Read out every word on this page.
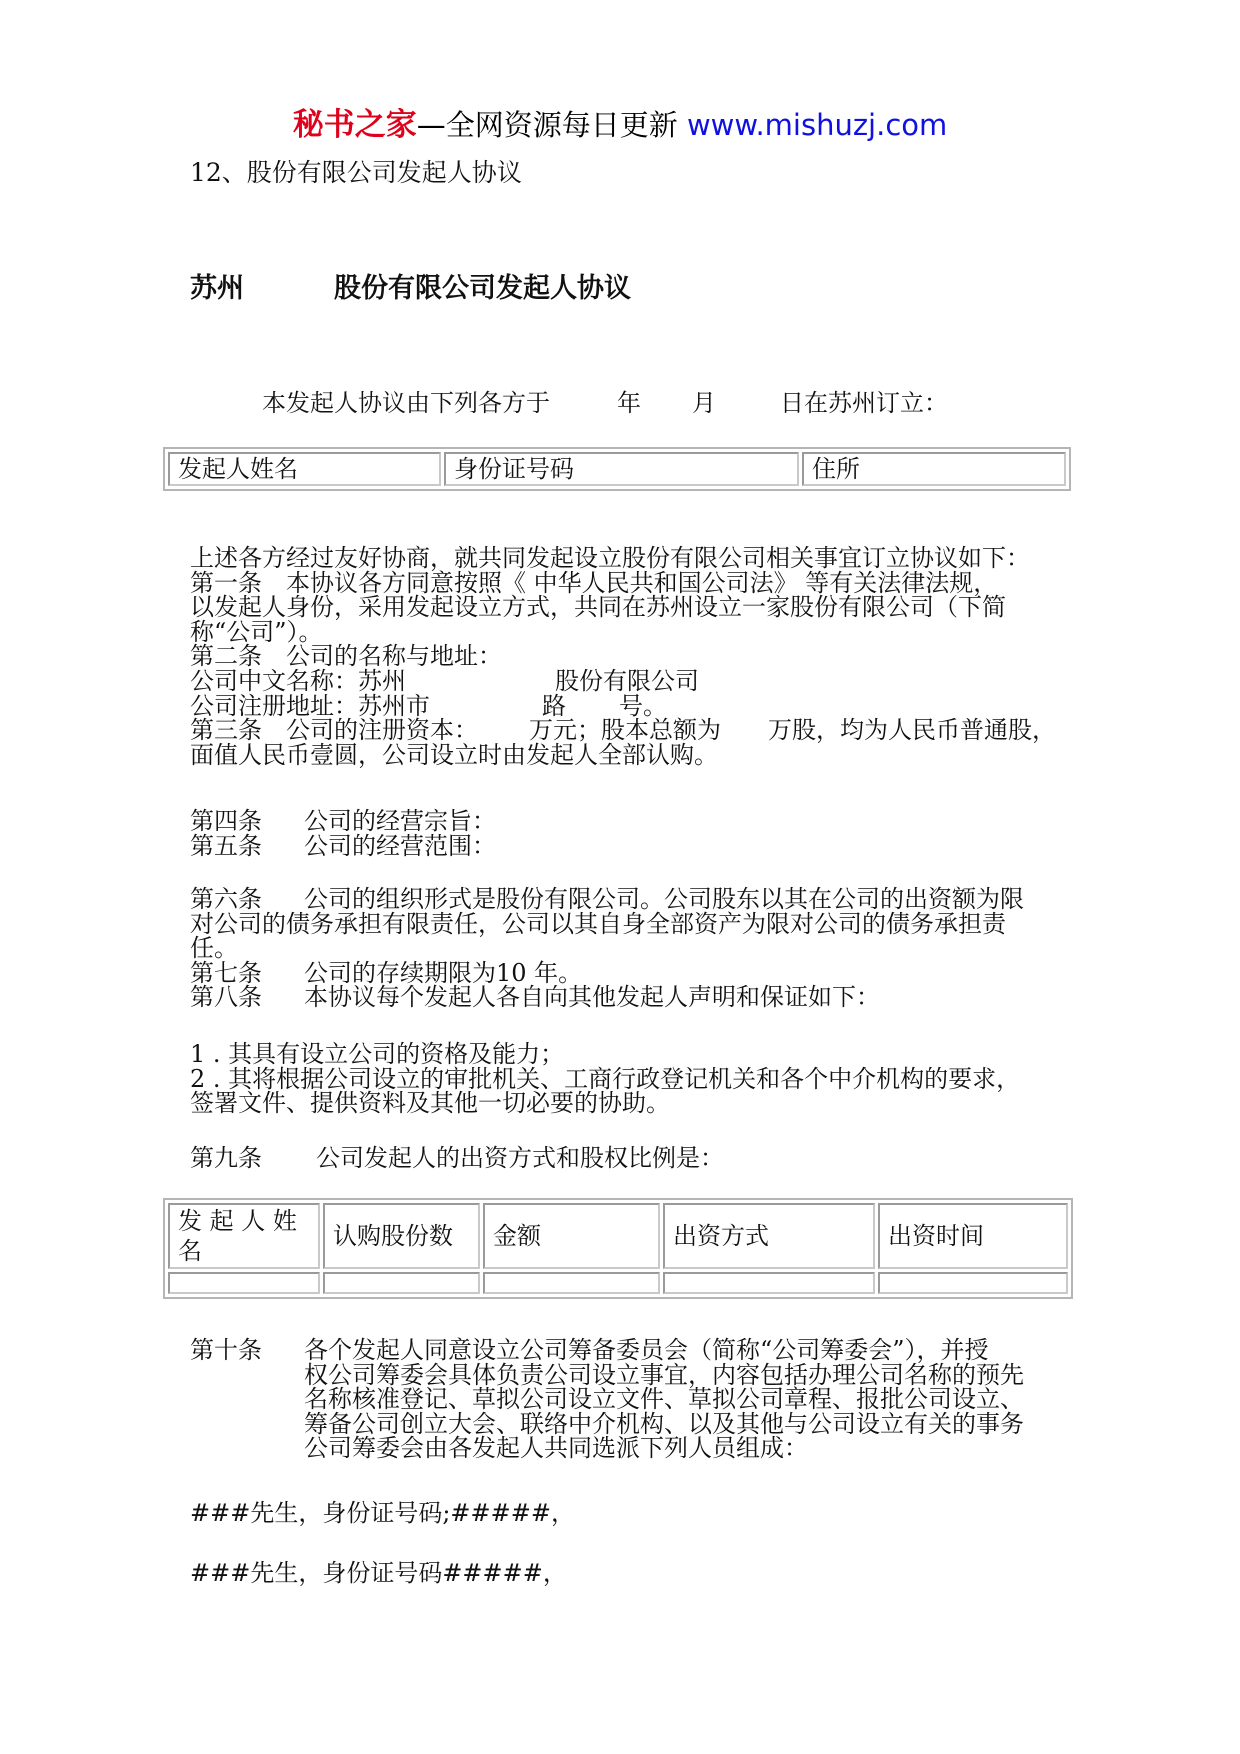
秘书之家—全网资源每日更新 www.mishuzj.com

12、股份有限公司发起人协议

苏州	股份有限公司发起人协议

本发起人协议由下列各方于	年 月	日在苏州订立：

发起人姓名	身份证号码	住所

上述各方经过友好协商，就共同发起设立股份有限公司相关事宜订立协议如下：

第一条　本协议各方同意按照《 中华人民共和国公司法》 等有关法律法规，

以发起人身份，采用发起设立方式，共同在苏州设立一家股份有限公司（下简

称“公司”）。

第二条　公司的名称与地址：

公司中文名称：苏州	股份有限公司

公司注册地址：苏州市	路 号。

第三条　公司的注册资本： 万元；股本总额为 万股，均为人民币普通股，

面值人民币壹圆，公司设立时由发起人全部认购。

第四条 公司的经营宗旨：

第五条 公司的经营范围：

第六条 公司的组织形式是股份有限公司。公司股东以其在公司的出资额为限

对公司的债务承担有限责任，公司以其自身全部资产为限对公司的债务承担责

任。

第七条 公司的存续期限为10 年。

第八条 本协议每个发起人各自向其他发起人声明和保证如下：

1 . 其具有设立公司的资格及能力；

2 . 其将根据公司设立的审批机关、工商行政登记机关和各个中介机构的要求，

签署文件、提供资料及其他一切必要的协助。

第九条 公司发起人的出资方式和股权比例是：

发 起 人 姓
名	认购股份数	金额	出资方式	出资时间

第十条 各个发起人同意设立公司筹备委员会（简称“公司筹委会”），并授

权公司筹委会具体负责公司设立事宜，内容包括办理公司名称的预先

名称核准登记、草拟公司设立文件、草拟公司章程、报批公司设立、

筹备公司创立大会、联络中介机构、以及其他与公司设立有关的事务

公司筹委会由各发起人共同选派下列人员组成：

###先生，身份证号码;#####，

###先生，身份证号码#####，
